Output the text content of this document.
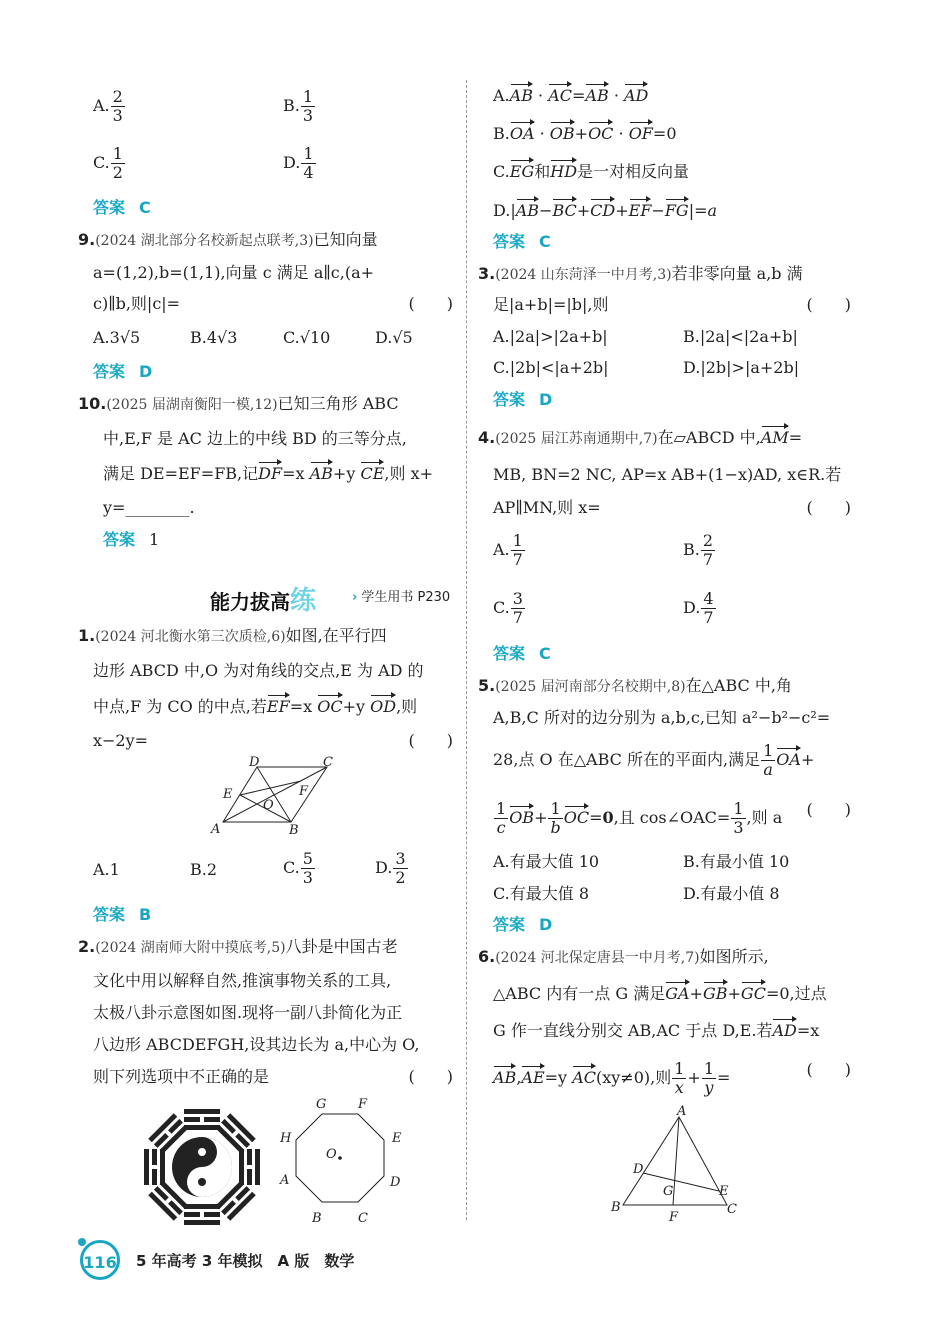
A. $\frac{2}{3}$	B. $\frac{1}{3}$
C. $\frac{1}{2}$	D. $\frac{1}{4}$
答案 C
9.(2024 湖北部分名校新起点联考,3)已知向量
a=(1,2),b=(1,1),向量 c 满足 a∥c,(a+
c)∥b,则|c|=	(　　)
A.3√5	B.4√3	C.√10	D.√5
答案 D
10.(2025 届湖南衡阳一模,12)已知三角形 ABC
中,E,F 是 AC 边上的中线 BD 的三等分点,
满足 DE=EF=FB,记DF=x AB+y CE,则 x+
y=________.
答案 1
能力拔高练	› 学生用书 P230
1.(2024 河北衡水第三次质检,6)如图,在平行四
边形 ABCD 中,O 为对角线的交点,E 为 AD 的
中点,F 为 CO 的中点,若EF=x OC+y OD,则
x−2y=	(　　)
A	B
C
D
E	F
O
A.1	B.2	C. $\frac{5}{3}$	D. $\frac{3}{2}$
答案 B
2.(2024 湖南师大附中摸底考,5)八卦是中国古老
文化中用以解释自然,推演事物关系的工具,
太极八卦示意图如图.现将一副八卦简化为正
八边形 ABCDEFGH,设其边长为 a,中心为 O,
则下列选项中不正确的是	(　　)
G F
H	E
A	D
B	C
O
A.AB · AC=AB · AD
B.OA · OB+OC · OF=0
C.EG和HD是一对相反向量
D.|AB−BC+CD+EF−FG|=a
答案 C
3.(2024 山东菏泽一中月考,3)若非零向量 a,b 满
足|a+b|=|b|,则	(　　)
A.|2a|>|2a+b|	B.|2a|<|2a+b|
C.|2b|<|a+2b|	D.|2b|>|a+2b|
答案 D
4.(2025 届江苏南通期中,7)在▱ABCD 中,AM=
MB, BN=2 NC, AP=x AB+(1−x)AD, x∈R.若
AP∥MN,则 x=	(　　)
A. $\frac{1}{7}$	B. $\frac{2}{7}$
C. $\frac{3}{7}$	D. $\frac{4}{7}$
答案 C
5.(2025 届河南部分名校期中,8)在△ABC 中,角
A,B,C 所对的边分别为 a,b,c,已知 a²−b²−c²=
28,点 O 在△ABC 所在的平面内,满足 $\frac{1}{a} OA+$
$\frac{1}{c} OB+ \frac{1}{b} OC=0$,且 cos∠OAC= $\frac{1}{3}$ ,则 a (　　)
A.有最大值 10	B.有最小值 10
C.有最大值 8	D.有最小值 8
答案 D
6.(2024 河北保定唐县一中月考,7)如图所示,
△ABC 内有一点 G 满足GA+GB+GC=0,过点
G 作一直线分别交 AB,AC 于点 D,E.若AD=x
AB,AE=y AC(xy≠0),则 $\frac{1}{x} + \frac{1}{y}$ =	(　　)
A
B	C
D
E
F
G
116 5 年高考 3 年模拟　A 版　数学
